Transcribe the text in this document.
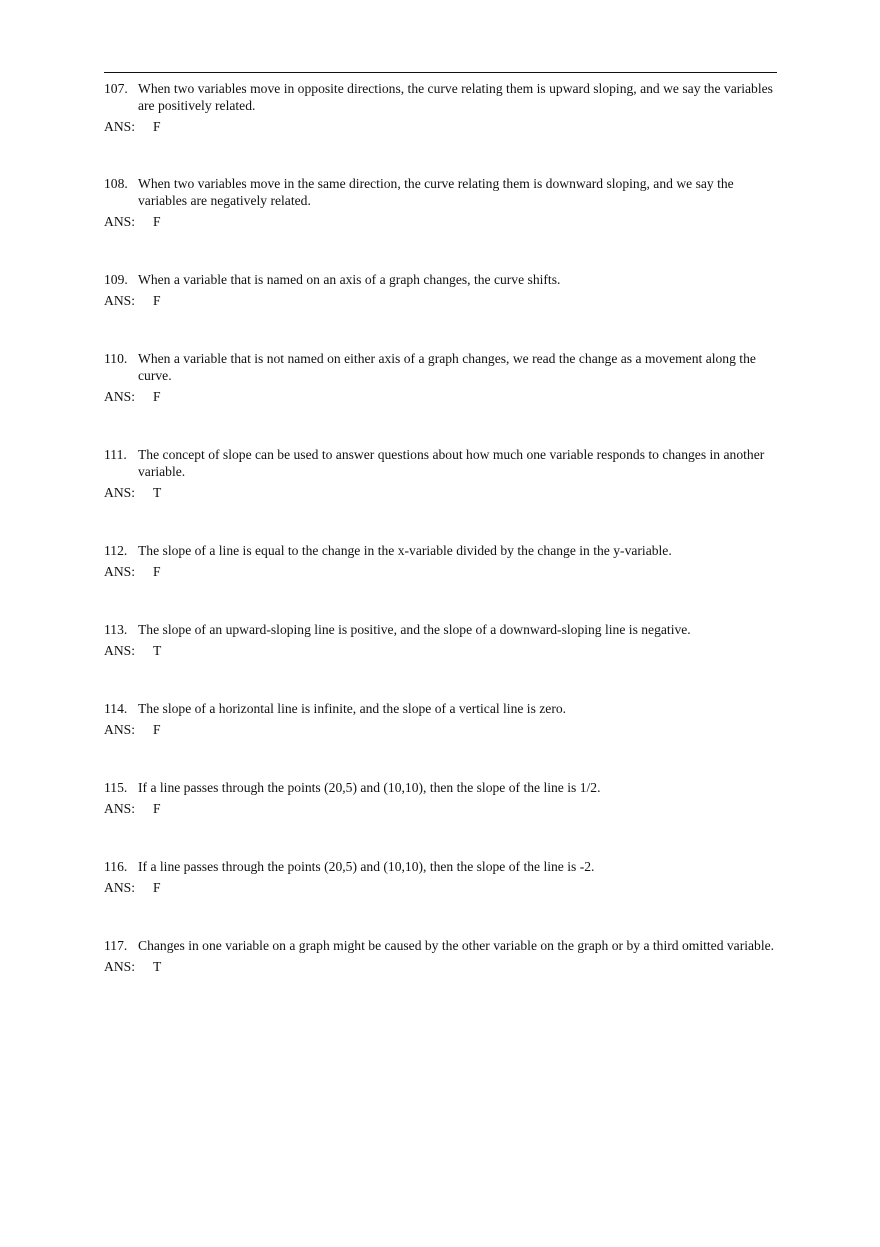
107. When two variables move in opposite directions, the curve relating them is upward sloping, and we say the variables are positively related.
ANS:	F
108. When two variables move in the same direction, the curve relating them is downward sloping, and we say the variables are negatively related.
ANS:	F
109. When a variable that is named on an axis of a graph changes, the curve shifts.
ANS:	F
110. When a variable that is not named on either axis of a graph changes, we read the change as a movement along the curve.
ANS:	F
111. The concept of slope can be used to answer questions about how much one variable responds to changes in another variable.
ANS:	T
112. The slope of a line is equal to the change in the x-variable divided by the change in the y-variable.
ANS:	F
113. The slope of an upward-sloping line is positive, and the slope of a downward-sloping line is negative.
ANS:	T
114. The slope of a horizontal line is infinite, and the slope of a vertical line is zero.
ANS:	F
115. If a line passes through the points (20,5) and (10,10), then the slope of the line is 1/2.
ANS:	F
116. If a line passes through the points (20,5) and (10,10), then the slope of the line is -2.
ANS:	F
117. Changes in one variable on a graph might be caused by the other variable on the graph or by a third omitted variable.
ANS:	T
